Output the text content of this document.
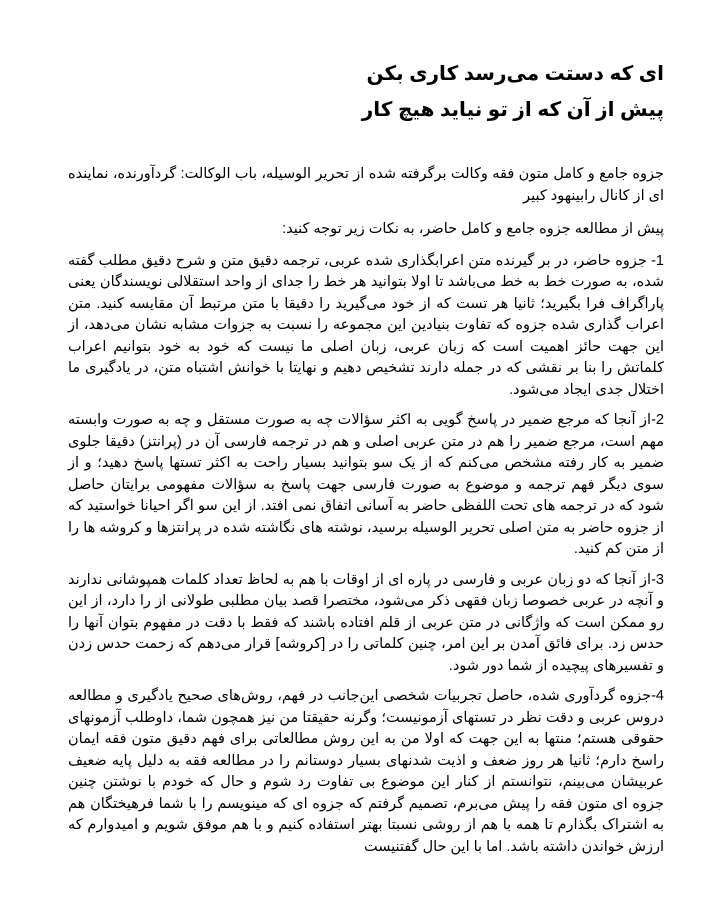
ای که دستت می‌رسد کاری بکن
پیش از آن که از تو نیاید هیچ کار

جزوه جامع و کامل متون فقه وکالت برگرفته شده از تحریر الوسیله، باب الوکالت: گردآورنده، نماینده ای از کانال رابینهود کبیر

پیش از مطالعه جزوه جامع و کامل حاضر، به نکات زیر توجه کنید:

1- جزوه حاضر، در بر گیرنده متن اعرابگذاری شده عربی، ترجمه دقیق متن و شرح دقیق مطلب گفته شده، به صورت خط به خط می‌باشد تا اولا بتوانید هر خط را جدای از واحد استقلالی نویسندگان یعنی پاراگراف فرا بگیرید؛ ثانیا هر تست که از خود می‌گیرید را دقیقا با متن مرتبط آن مقایسه کنید. متن اعراب گذاری شده جزوه که تفاوت بنیادین این مجموعه را نسبت به جزوات مشابه نشان می‌دهد، از این جهت حائز اهمیت است که زبان عربی، زبان اصلی ما نیست که خود به خود بتوانیم اعراب کلماتش را بنا بر نقشی که در جمله دارند تشخیص دهیم و نهایتا با خوانش اشتباه متن، در یادگیری ما اختلال جدی ایجاد می‌شود.

2-از آنجا که مرجع ضمیر در پاسخ گویی به اکثر سؤالات چه به صورت مستقل و چه به صورت وابسته مهم است، مرجع ضمیر را هم در متن عربی اصلی و هم در ترجمه فارسی آن در (پرانتز) دقیقا جلوی ضمیر به کار رفته مشخص می‌کنم که از یک سو بتوانید بسیار راحت به اکثر تستها پاسخ دهید؛ و از سوی دیگر فهم ترجمه و موضوع به صورت فارسی جهت پاسخ به سؤالات مفهومی برایتان حاصل شود که در ترجمه های تحت اللفظی حاضر به آسانی اتفاق نمی افتد. از این سو اگر احیانا خواستید که از جزوه حاضر به متن اصلی تحریر الوسیله برسید، نوشته های نگاشته شده در پرانتزها و کروشه ها را از متن کم کنید.

3-از آنجا که دو زبان عربی و فارسی در پاره ای از اوقات با هم به لحاظ تعداد کلمات همپوشانی ندارند و آنچه در عربی خصوصا زبان فقهی ذکر می‌شود، مختصرا قصد بیان مطلبی طولانی از را دارد، از این رو ممکن است که واژگانی در متن عربی از قلم افتاده باشند که فقط با دقت در مفهوم بتوان آنها را حدس زد. برای فائق آمدن بر این امر، چنین کلماتی را در [کروشه] قرار می‌دهم که زحمت حدس زدن و تفسیرهای پیچیده از شما دور شود.

4-جزوه گردآوری شده، حاصل تجربیات شخصی این‌جانب در فهم، روش‌های صحیح یادگیری و مطالعه دروس عربی و دقت نظر در تستهای آزمونیست؛ وگرنه حقیقتا من نیز همچون شما، داوطلب آزمونهای حقوقی هستم؛ منتها به این جهت که اولا من به این روش مطالعاتی برای فهم دقیق متون فقه ایمان راسخ دارم؛ ثانیا هر روز ضعف و اذیت شدنهای بسیار دوستانم را در مطالعه فقه به دلیل پایه ضعیف عربیشان می‌بینم، نتوانستم از کنار این موضوع بی تفاوت رد شوم و حال که خودم با نوشتن چنین جزوه ای متون فقه را پیش می‌برم، تصمیم گرفتم که جزوه ای که مینویسم را با شما فرهیختگان هم به اشتراک بگذارم تا همه با هم از روشی نسبتا بهتر استفاده کنیم و با هم موفق شویم و امیدوارم که ارزش خواندن داشته باشد. اما با این حال گفتنیست
